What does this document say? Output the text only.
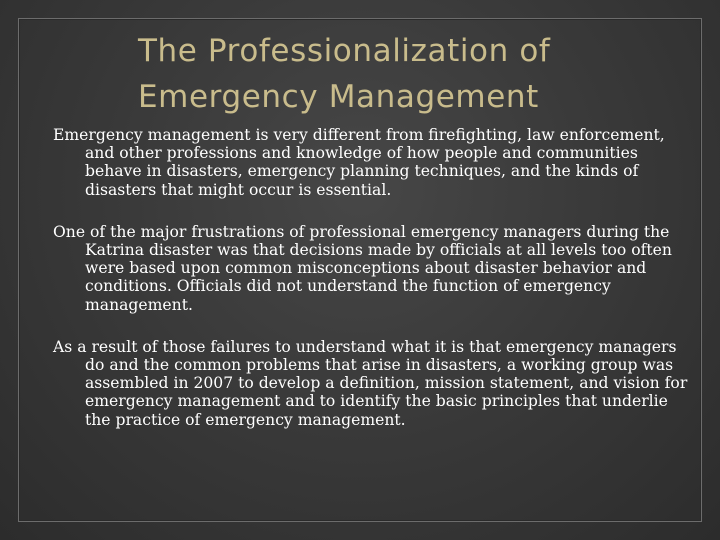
The Professionalization of
Emergency Management

Emergency management is very different from firefighting, law enforcement, and other professions and knowledge of how people and communities behave in disasters, emergency planning techniques, and the kinds of disasters that might occur is essential.

One of the major frustrations of professional emergency managers during the Katrina disaster was that decisions made by officials at all levels too often were based upon common misconceptions about disaster behavior and conditions. Officials did not understand the function of emergency management.

As a result of those failures to understand what it is that emergency managers do and the common problems that arise in disasters, a working group was assembled in 2007 to develop a definition, mission statement, and vision for emergency management and to identify the basic principles that underlie the practice of emergency management.
